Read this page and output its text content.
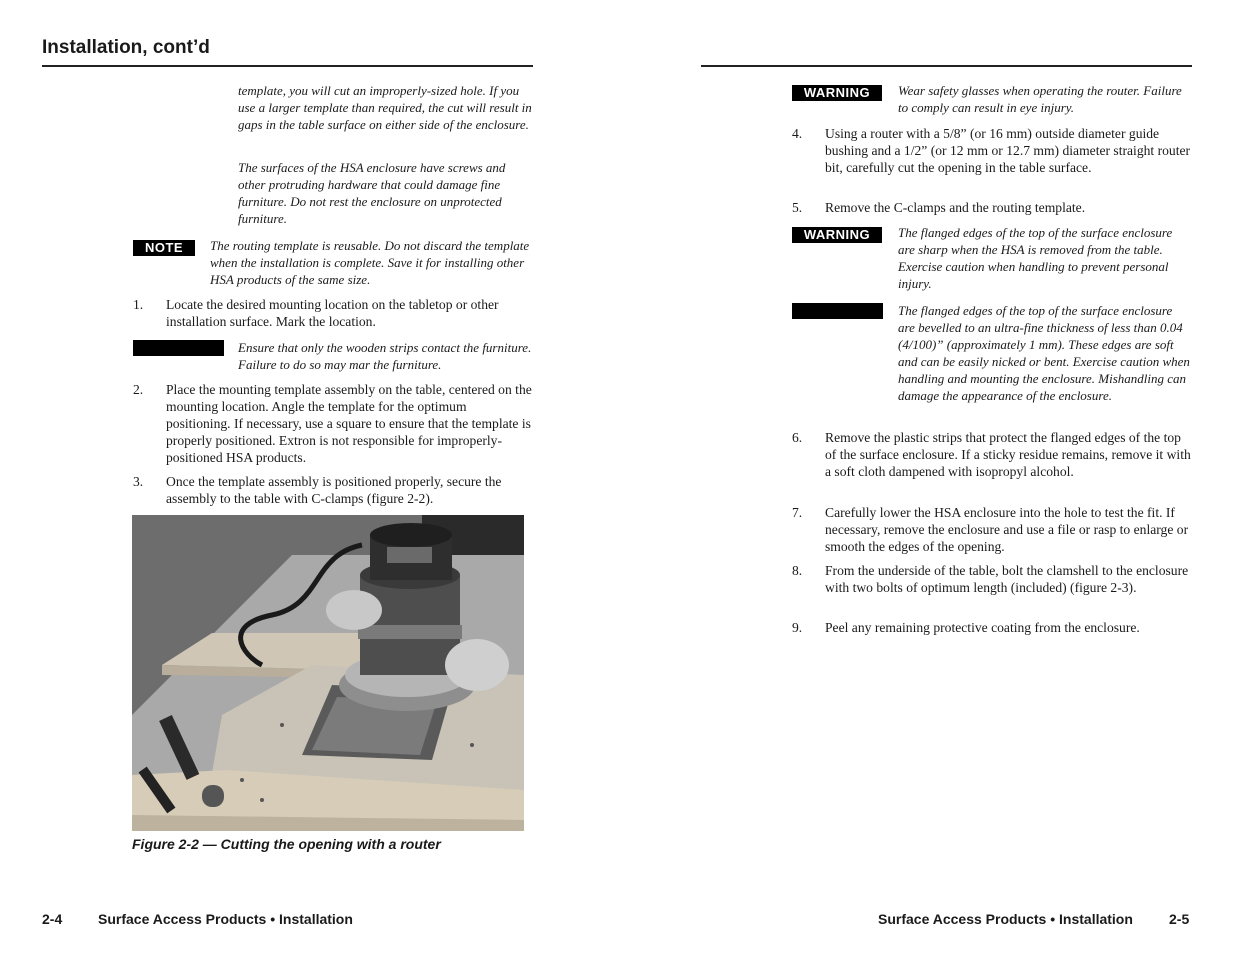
Installation, cont’d
template, you will cut an improperly-sized hole. If you use a larger template than required, the cut will result in gaps in the table surface on either side of the enclosure.
The surfaces of the HSA enclosure have screws and other protruding hardware that could damage fine furniture. Do not rest the enclosure on unprotected furniture.
NOTE	The routing template is reusable. Do not discard the template when the installation is complete. Save it for installing other HSA products of the same size.
1.	Locate the desired mounting location on the tabletop or other installation surface. Mark the location.

Ensure that only the wooden strips contact the furniture. Failure to do so may mar the furniture.
2.	Place the mounting template assembly on the table, centered on the mounting location. Angle the template for the optimum positioning. If necessary, use a square to ensure that the template is properly positioned. Extron is not responsible for improperly-positioned HSA products.
3.	Once the template assembly is positioned properly, secure the assembly to the table with C-clamps (figure 2-2).
Figure 2-2 — Cutting the opening with a router
2-4	Surface Access Products • Installation
WARNING	Wear safety glasses when operating the router. Failure to comply can result in eye injury.
4.	Using a router with a 5/8” (or 16 mm) outside diameter guide bushing and a 1/2” (or 12 mm or 12.7 mm) diameter straight router bit, carefully cut the opening in the table surface.
5.	Remove the C-clamps and the routing template.
WARNING	The flanged edges of the top of the surface enclosure are sharp when the HSA is removed from the table. Exercise caution when handling to prevent personal injury.

The flanged edges of the top of the surface enclosure are bevelled to an ultra-fine thickness of less than 0.04 (4/100)” (approximately 1 mm). These edges are soft and can be easily nicked or bent. Exercise caution when handling and mounting the enclosure. Mishandling can damage the appearance of the enclosure.
6.	Remove the plastic strips that protect the flanged edges of the top of the surface enclosure. If a sticky residue remains, remove it with a soft cloth dampened with isopropyl alcohol.
7.	Carefully lower the HSA enclosure into the hole to test the fit. If necessary, remove the enclosure and use a file or rasp to enlarge or smooth the edges of the opening.
8.	From the underside of the table, bolt the clamshell to the enclosure with two bolts of optimum length (included) (figure 2-3).
9.	Peel any remaining protective coating from the enclosure.
Surface Access Products • Installation	2-5
